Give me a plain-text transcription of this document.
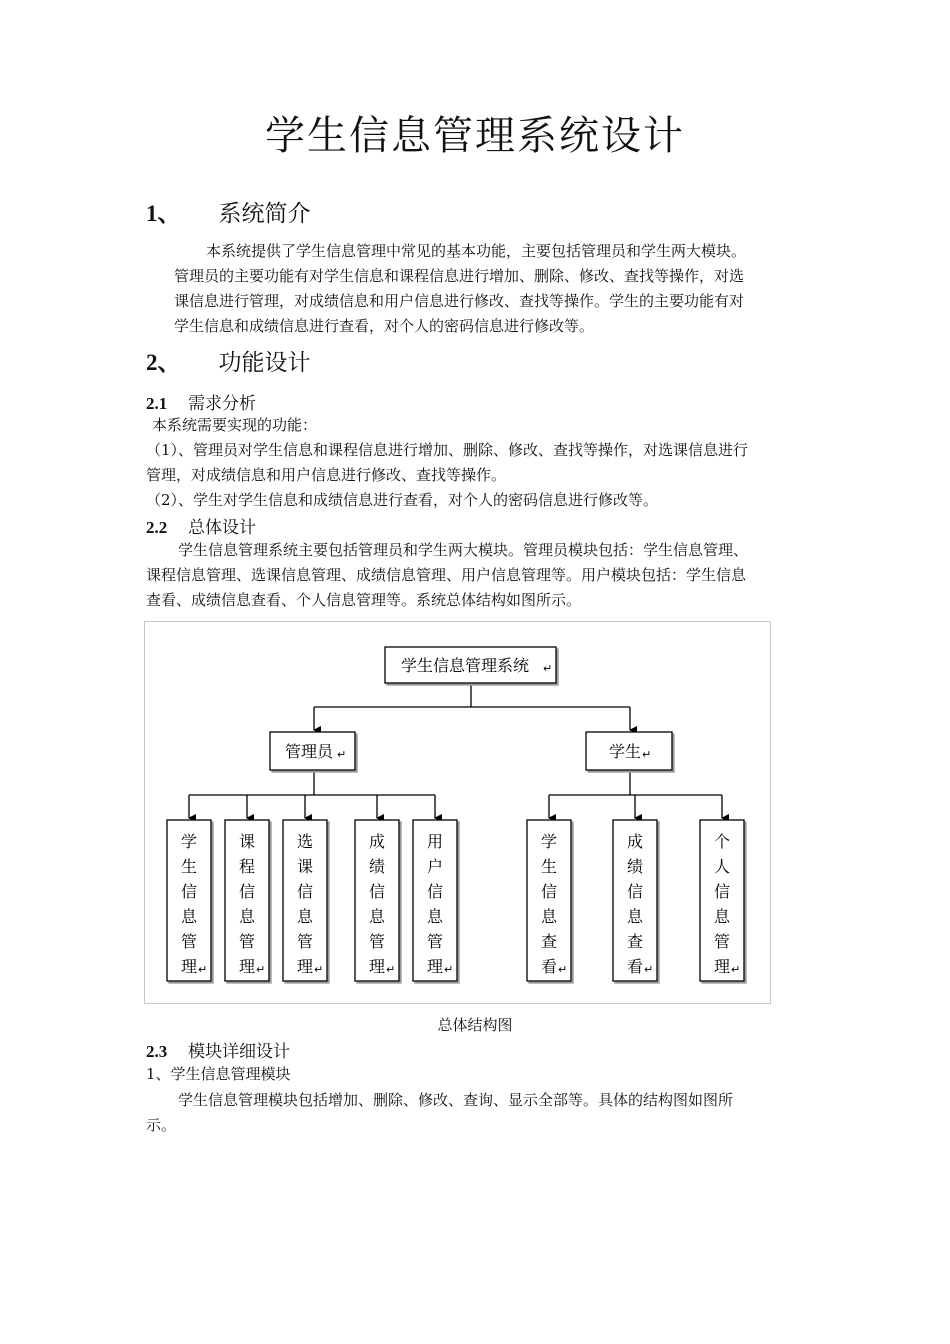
学生信息管理系统设计
1、 系统简介
本系统提供了学生信息管理中常见的基本功能，主要包括管理员和学生两大模块。
管理员的主要功能有对学生信息和课程信息进行增加、删除、修改、查找等操作，对选
课信息进行管理，对成绩信息和用户信息进行修改、查找等操作。学生的主要功能有对
学生信息和成绩信息进行查看，对个人的密码信息进行修改等。
2、 功能设计
2.1 需求分析
本系统需要实现的功能：
（1）、管理员对学生信息和课程信息进行增加、删除、修改、查找等操作，对选课信息进行
管理，对成绩信息和用户信息进行修改、查找等操作。
（2）、学生对学生信息和成绩信息进行查看，对个人的密码信息进行修改等。
2.2 总体设计
学生信息管理系统主要包括管理员和学生两大模块。管理员模块包括：学生信息管理、
课程信息管理、选课信息管理、成绩信息管理、用户信息管理等。用户模块包括：学生信息
查看、成绩信息查看、个人信息管理等。系统总体结构如图所示。
学生信息管理系统 ↵
管理员 ↵	学生 ↵
学
生
信
息
管
理 ↵
课
程
信
息
管
理 ↵
选
课
信
息
管
理 ↵
成
绩
信
息
管
理 ↵
用
户
信
息
管
理 ↵
学
生
信
息
查
看 ↵
成
绩
信
息
查
看 ↵
个
人
信
息
管
理 ↵
总体结构图
2.3 模块详细设计
1、学生信息管理模块
学生信息管理模块包括增加、删除、修改、查询、显示全部等。具体的结构图如图所
示。
